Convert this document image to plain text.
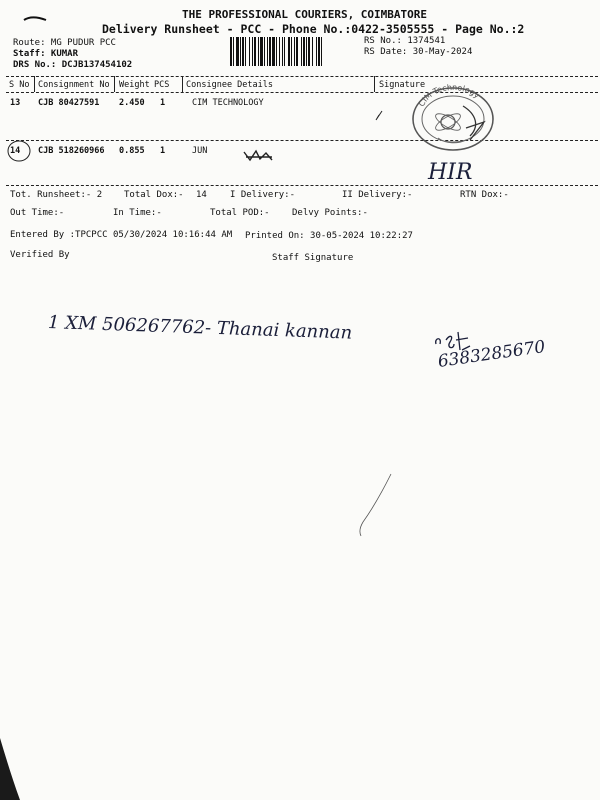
THE PROFESSIONAL COURIERS, COIMBATORE
Delivery Runsheet - PCC - Phone No.:0422-3505555 - Page No.:2
Route: MG PUDUR PCC
Staff: KUMAR
DRS No.: DCJB137454102
RS No.: 1374541
RS Date: 30-May-2024
S No Consignment No Weight PCS Consignee Details	Signature
13 CJB 80427591 2.450 1	CIM TECHNOLOGY	CIM Technology
14 CJB 518260966 0.855 1	JUN
HIR
Tot. Runsheet:- 2 Total Dox:- 14	I Delivery:-	II Delivery:-	RTN Dox:-
Out Time:-	In Time:-	Total POD:- Delvy Points:-
Entered By :TPCPCC 05/30/2024 10:16:44 AM Printed On: 30-05-2024 10:22:27
Verified By	Staff Signature
1 XM 506267762- Thanai kannan
6383285670
